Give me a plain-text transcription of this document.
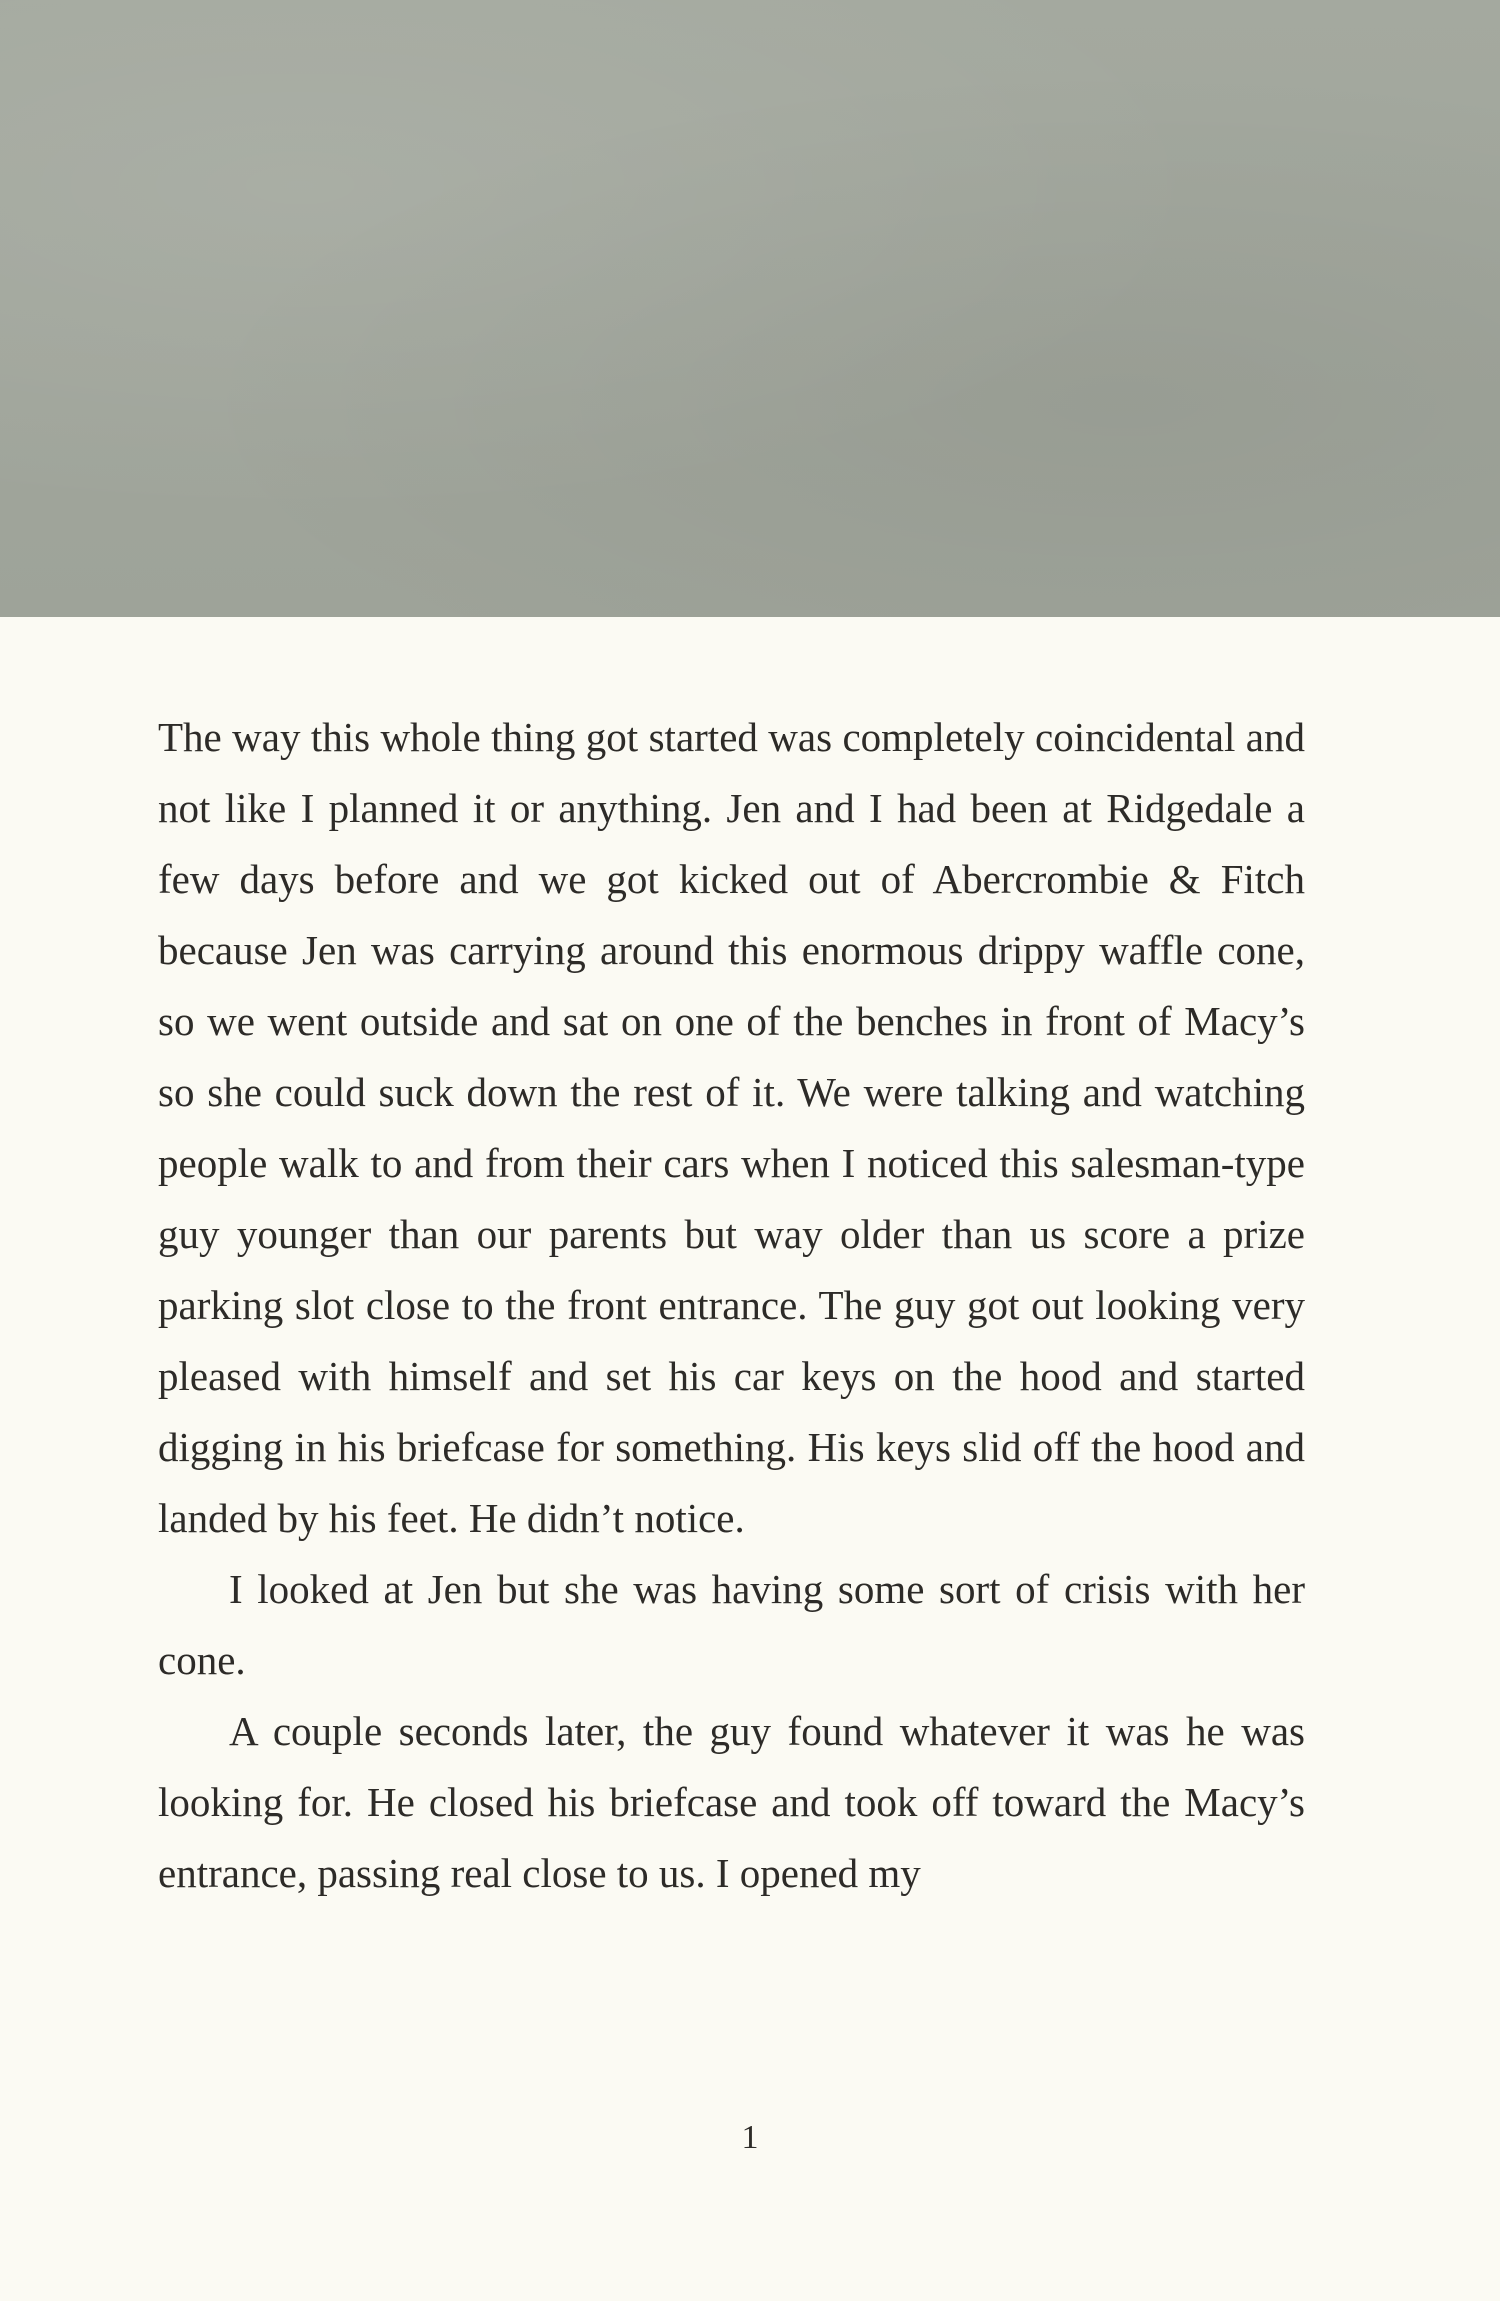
The way this whole thing got started was completely coincidental and not like I planned it or anything. Jen and I had been at Ridgedale a few days before and we got kicked out of Abercrombie & Fitch because Jen was carrying around this enormous drippy waffle cone, so we went outside and sat on one of the benches in front of Macy’s so she could suck down the rest of it. We were talking and watching people walk to and from their cars when I noticed this salesman-type guy younger than our parents but way older than us score a prize parking slot close to the front entrance. The guy got out looking very pleased with himself and set his car keys on the hood and started digging in his briefcase for something. His keys slid off the hood and landed by his feet. He didn’t notice.

I looked at Jen but she was having some sort of crisis with her cone.

A couple seconds later, the guy found whatever it was he was looking for. He closed his briefcase and took off toward the Macy’s entrance, passing real close to us. I opened my

1
